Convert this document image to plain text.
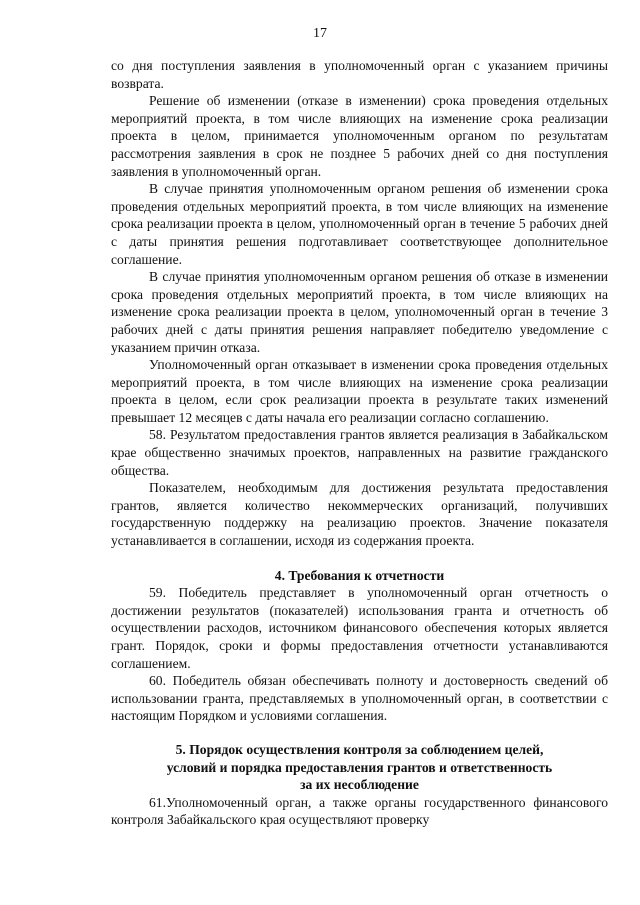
17

со дня поступления заявления в уполномоченный орган с указанием причины возврата.

Решение об изменении (отказе в изменении) срока проведения отдельных мероприятий проекта, в том числе влияющих на изменение срока реализации проекта в целом, принимается уполномоченным органом по результатам рассмотрения заявления в срок не позднее 5 рабочих дней со дня поступления заявления в уполномоченный орган.

В случае принятия уполномоченным органом решения об изменении срока проведения отдельных мероприятий проекта, в том числе влияющих на изменение срока реализации проекта в целом, уполномоченный орган в течение 5 рабочих дней с даты принятия решения подготавливает соответствующее дополнительное соглашение.

В случае принятия уполномоченным органом решения об отказе в изменении срока проведения отдельных мероприятий проекта, в том числе влияющих на изменение срока реализации проекта в целом, уполномоченный орган в течение 3 рабочих дней с даты принятия решения направляет победителю уведомление с указанием причин отказа.

Уполномоченный орган отказывает в изменении срока проведения отдельных мероприятий проекта, в том числе влияющих на изменение срока реализации проекта в целом, если срок реализации проекта в результате таких изменений превышает 12 месяцев с даты начала его реализации согласно соглашению.

58. Результатом предоставления грантов является реализация в Забайкальском крае общественно значимых проектов, направленных на развитие гражданского общества.

Показателем, необходимым для достижения результата предоставления грантов, является количество некоммерческих организаций, получивших государственную поддержку на реализацию проектов. Значение показателя устанавливается в соглашении, исходя из содержания проекта.

4. Требования к отчетности

59. Победитель представляет в уполномоченный орган отчетность о достижении результатов (показателей) использования гранта и отчетность об осуществлении расходов, источником финансового обеспечения которых является грант. Порядок, сроки и формы предоставления отчетности устанавливаются соглашением.

60. Победитель обязан обеспечивать полноту и достоверность сведений об использовании гранта, представляемых в уполномоченный орган, в соответствии с настоящим Порядком и условиями соглашения.

5. Порядок осуществления контроля за соблюдением целей,

условий и порядка предоставления грантов и ответственность

за их несоблюдение

61.Уполномоченный орган, а также органы государственного финансового контроля Забайкальского края осуществляют проверку
